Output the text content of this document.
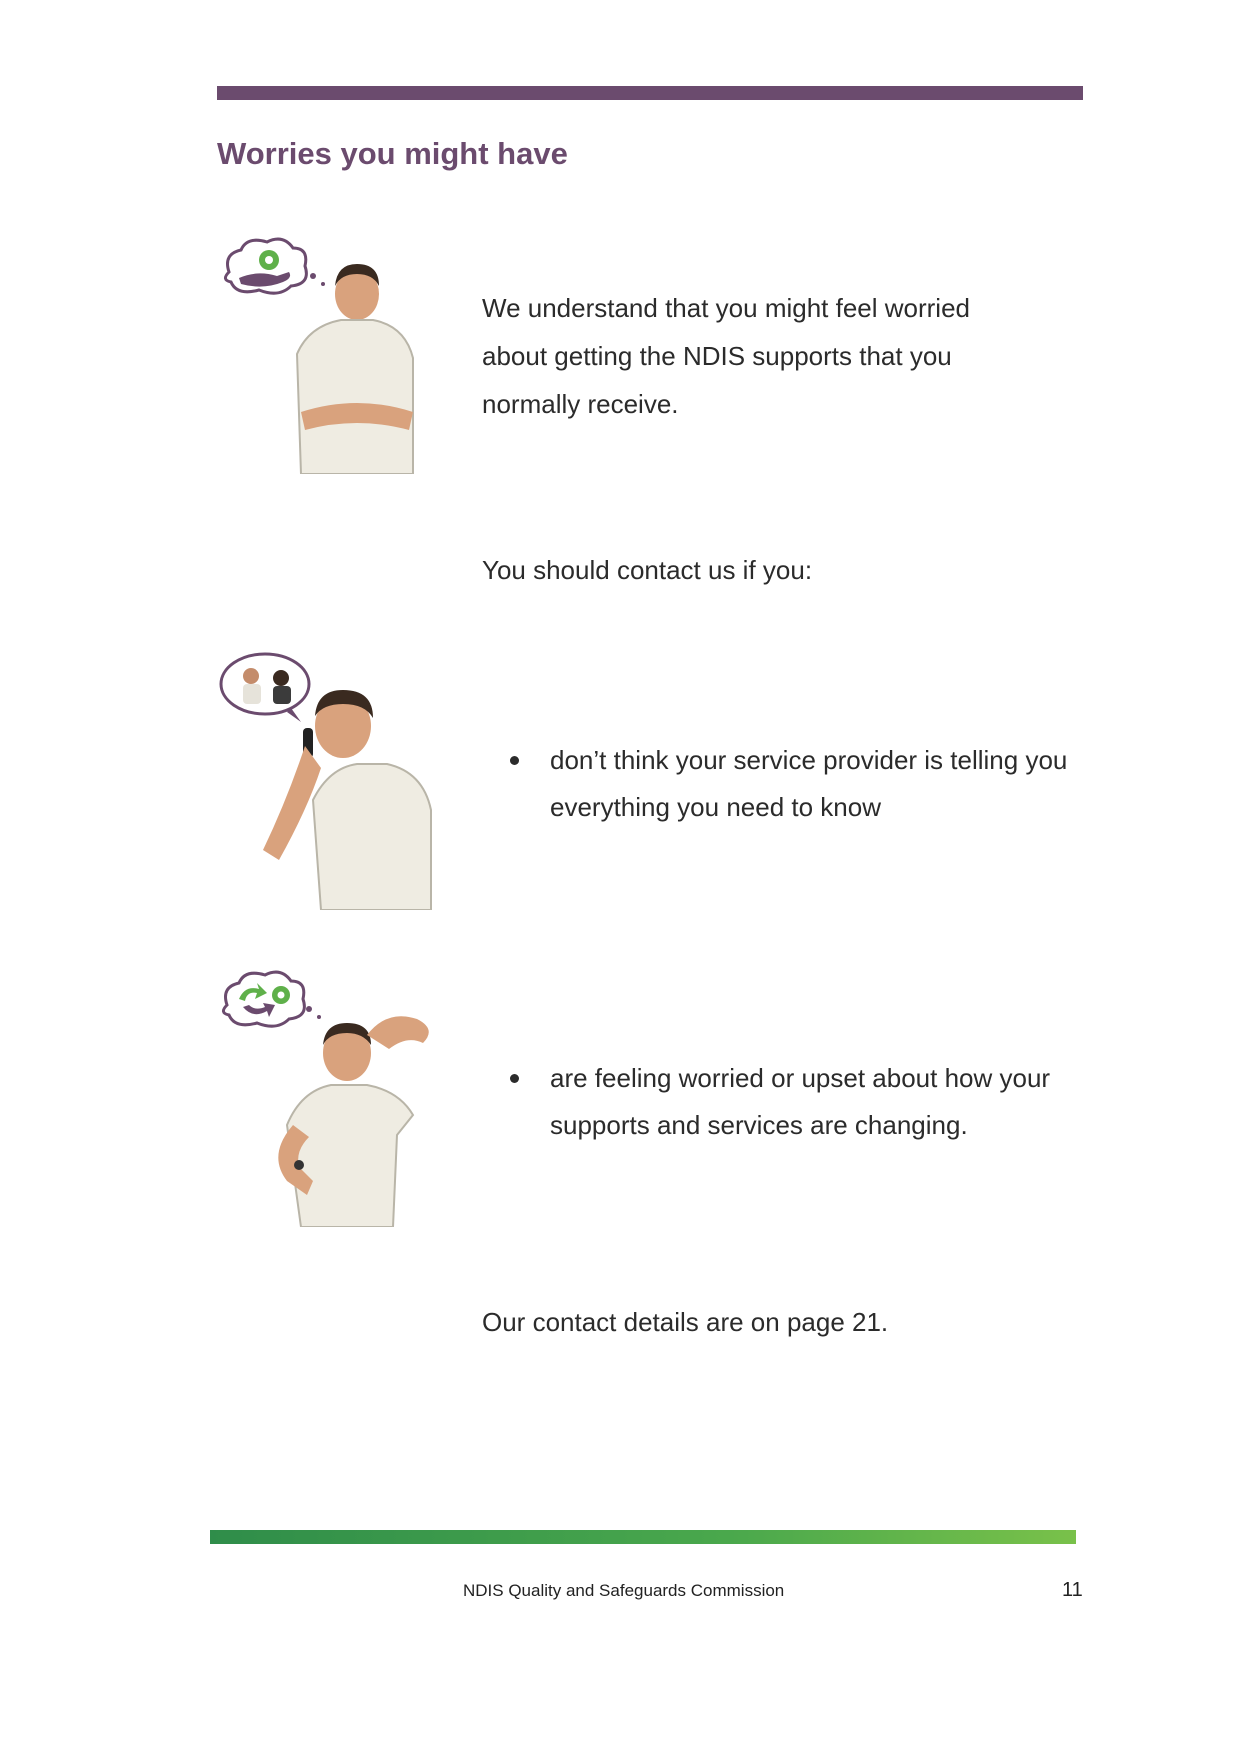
Worries you might have

We understand that you might feel worried about getting the NDIS supports that you normally receive.

You should contact us if you:

don’t think your service provider is telling you everything you need to know
are feeling worried or upset about how your supports and services are changing.

Our contact details are on page 21.

NDIS Quality and Safeguards Commission	11
